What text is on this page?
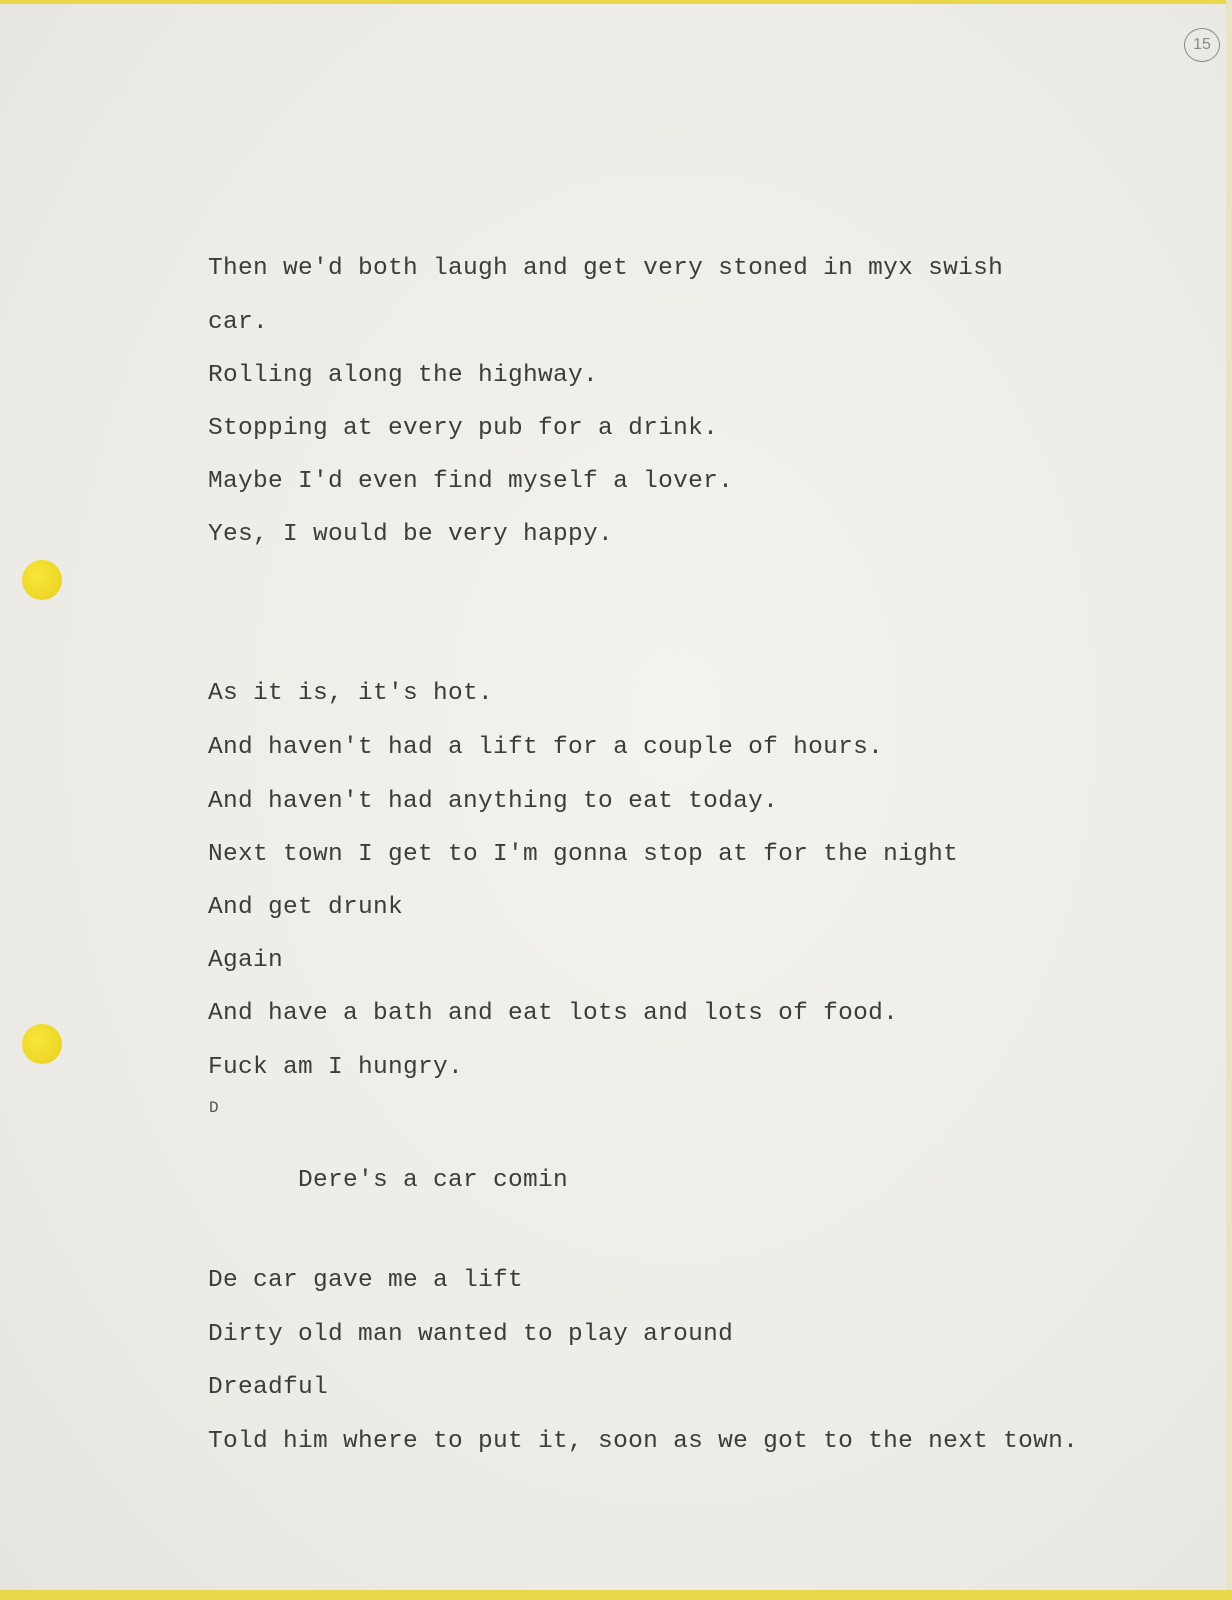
15
Then we'd both laugh and get very stoned in myx swish
car.
Rolling along the highway.
Stopping at every pub for a drink.
Maybe I'd even find myself a lover.
Yes, I would be very happy.
As it is, it's hot.
And haven't had a lift for a couple of hours.
And haven't had anything to eat today.
Next town I get to I'm gonna stop at for the night
And get drunk
Again
And have a bath and eat lots and lots of food.
Fuck am I hungry.

D

Dere's a car comin

De car gave me a lift
Dirty old man wanted to play around
Dreadful
Told him where to put it, soon as we got to the next town.
